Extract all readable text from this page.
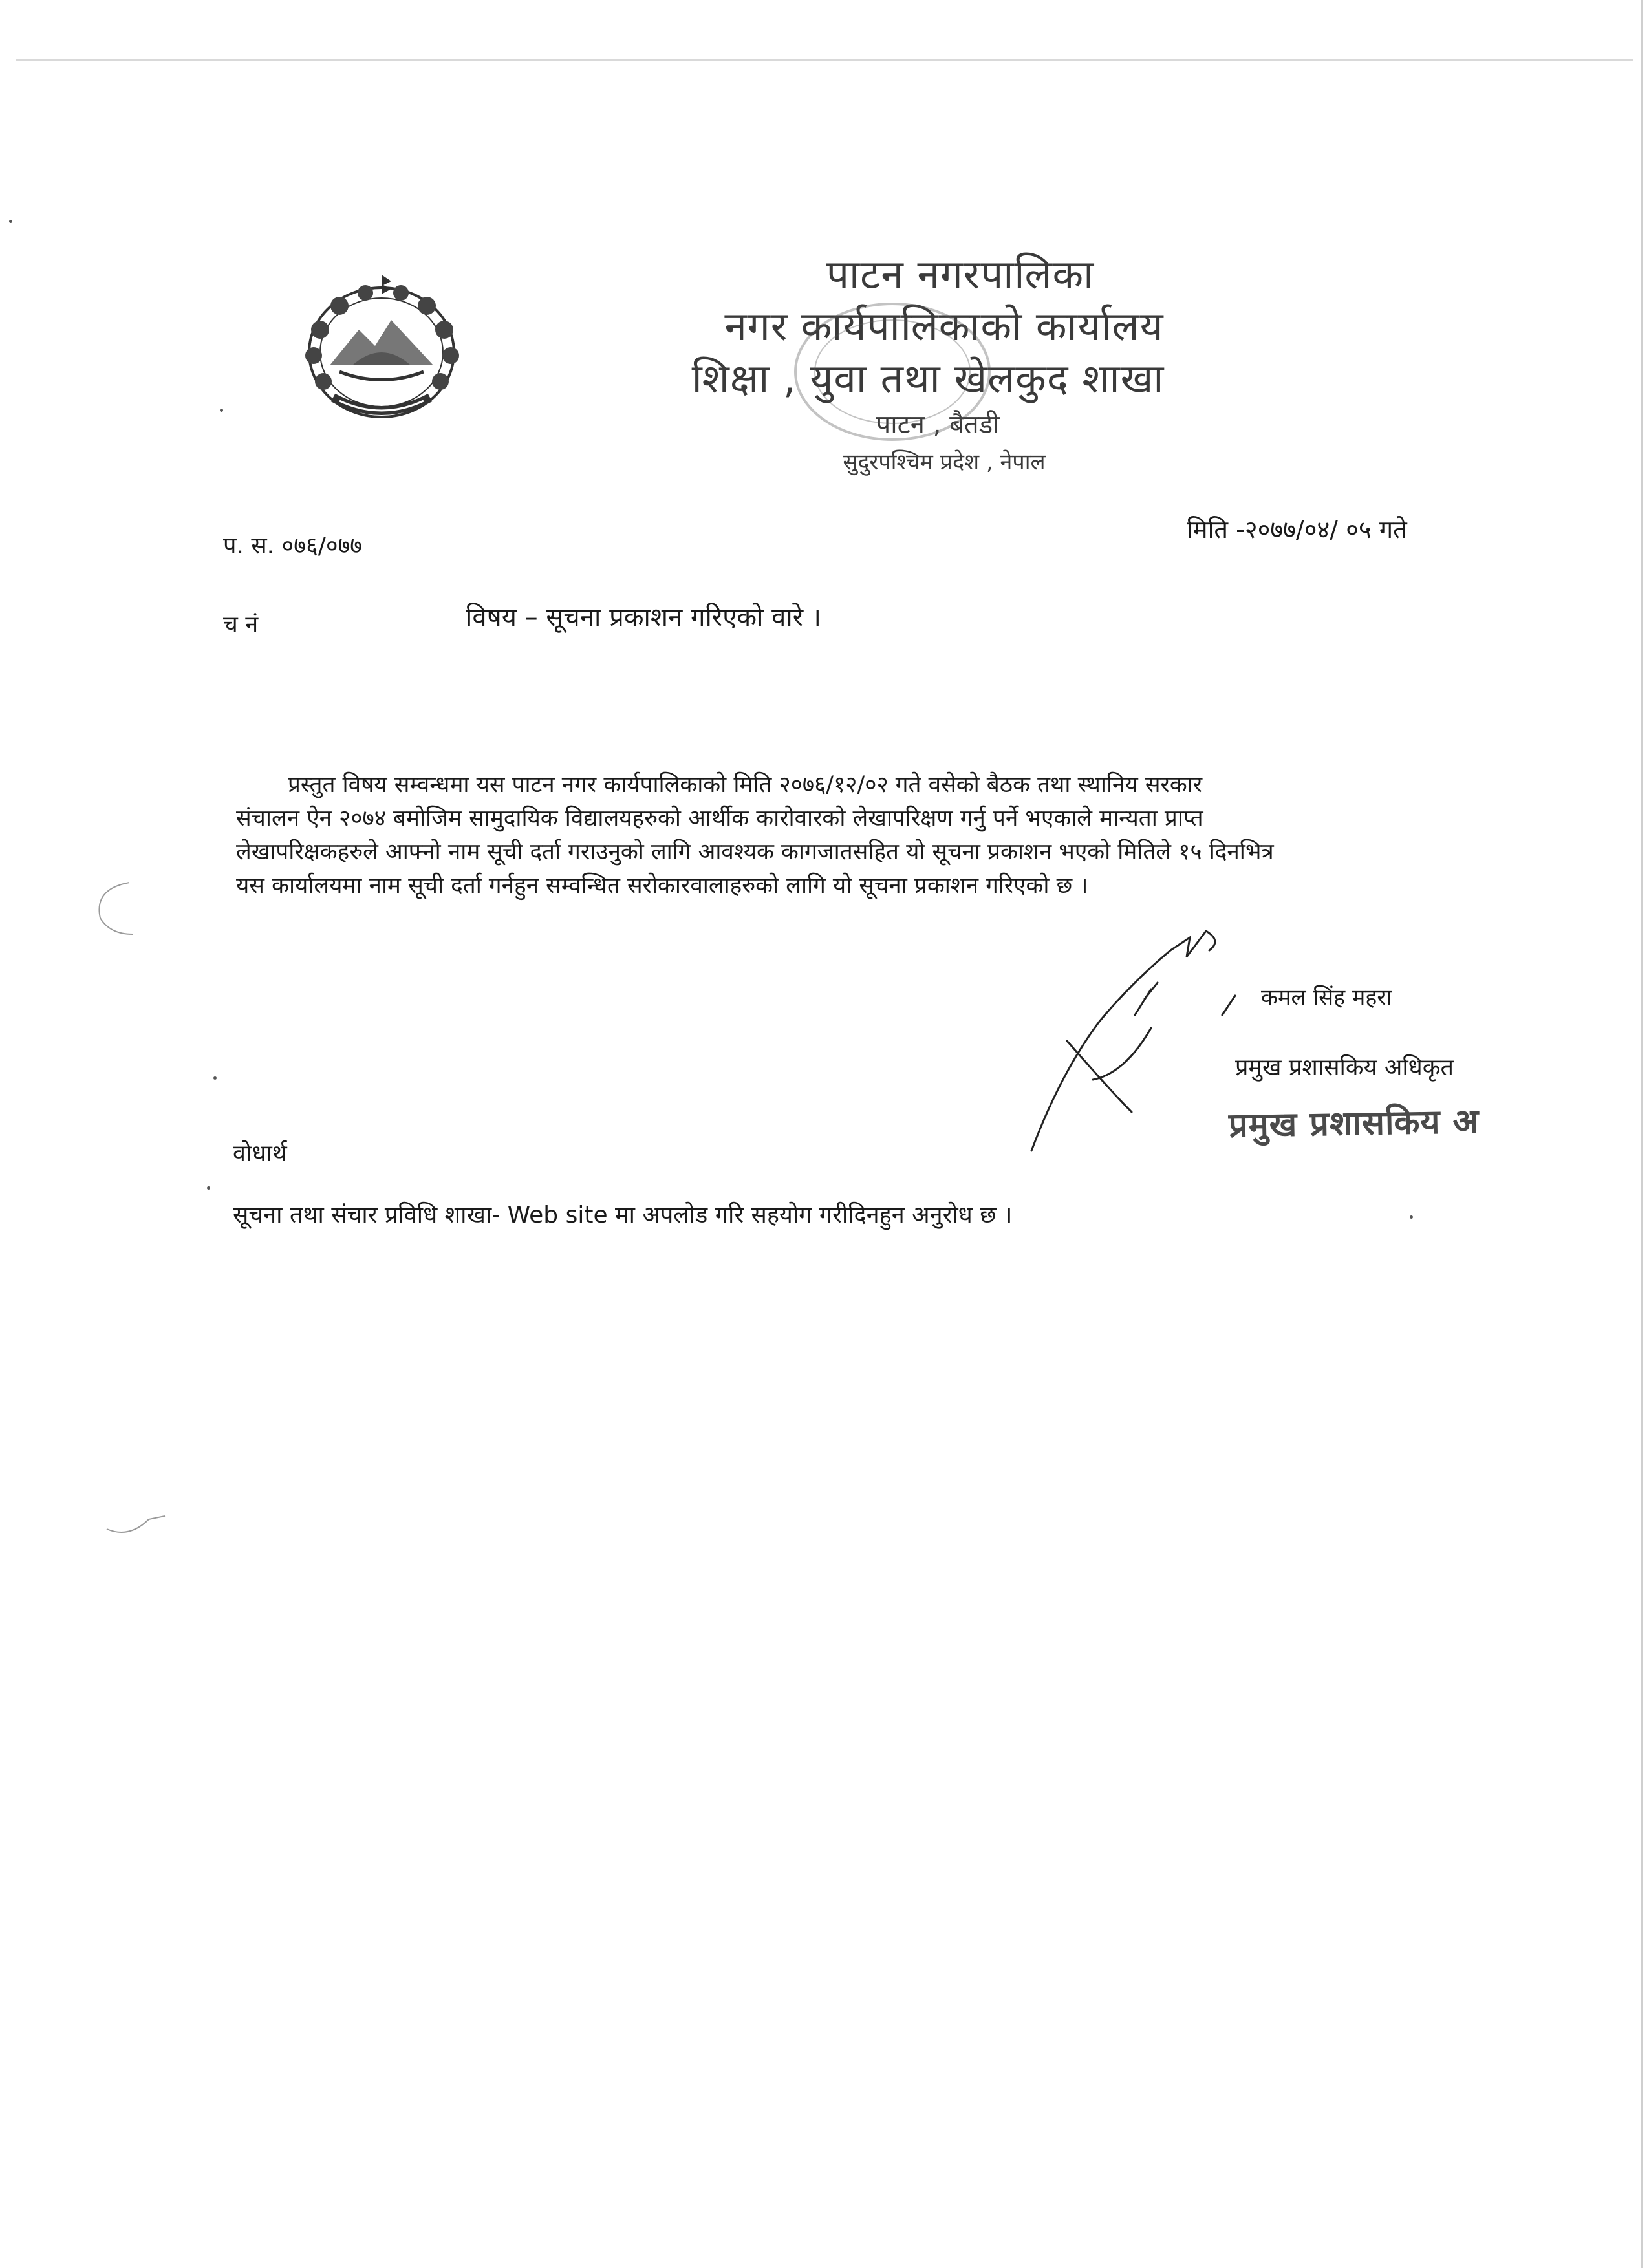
पाटन नगरपालिका
नगर कार्यपालिकाको कार्यालय
शिक्षा , युवा तथा खेलकुद शाखा
पाटन , बैतडी
सुदुरपश्चिम प्रदेश , नेपाल
प. स. ०७६/०७७
मिति -२०७७/०४/ ०५ गते
च नं	विषय – सूचना प्रकाशन गरिएको वारे ।
प्रस्तुत विषय सम्वन्धमा यस पाटन नगर कार्यपालिकाको मिति २०७६/१२/०२ गते वसेको बैठक तथा स्थानिय सरकार
संचालन ऐन २०७४ बमोजिम सामुदायिक विद्यालयहरुको आर्थीक कारोवारको लेखापरिक्षण गर्नु पर्ने भएकाले मान्यता प्राप्त
लेखापरिक्षकहरुले आफ्नो नाम सूची दर्ता गराउनुको लागि आवश्यक कागजातसहित यो सूचना प्रकाशन भएको मितिले १५ दिनभित्र
यस कार्यालयमा नाम सूची दर्ता गर्नहुन सम्वन्धित सरोकारवालाहरुको लागि यो सूचना प्रकाशन गरिएको छ ।
कमल सिंह महरा
प्रमुख प्रशासकिय अधिकृत
प्रमुख प्रशासकिय अ
वोधार्थ
सूचना तथा संचार प्रविधि शाखा- Web site मा अपलोड गरि सहयोग गरीदिनहुन अनुरोध छ ।
